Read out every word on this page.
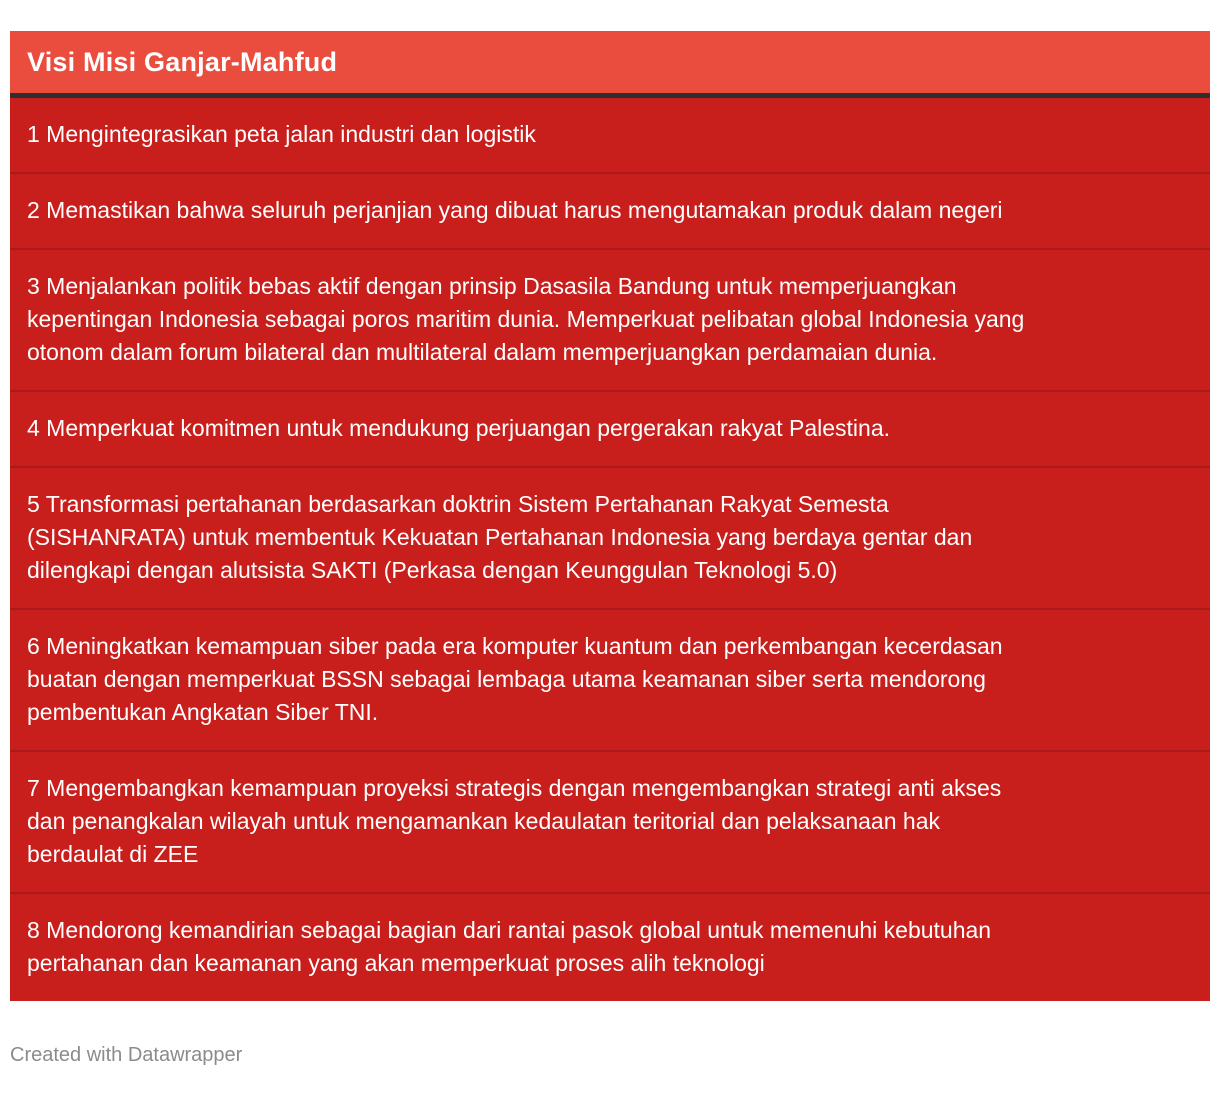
Visi Misi Ganjar-Mahfud
1 Mengintegrasikan peta jalan industri dan logistik
2 Memastikan bahwa seluruh perjanjian yang dibuat harus mengutamakan produk dalam negeri
3 Menjalankan politik bebas aktif dengan prinsip Dasasila Bandung untuk memperjuangkan kepentingan Indonesia sebagai poros maritim dunia. Memperkuat pelibatan global Indonesia yang otonom dalam forum bilateral dan multilateral dalam memperjuangkan perdamaian dunia.
4 Memperkuat komitmen untuk mendukung perjuangan pergerakan rakyat Palestina.
5 Transformasi pertahanan berdasarkan doktrin Sistem Pertahanan Rakyat Semesta (SISHANRATA) untuk membentuk Kekuatan Pertahanan Indonesia yang berdaya gentar dan dilengkapi dengan alutsista SAKTI (Perkasa dengan Keunggulan Teknologi 5.0)
6 Meningkatkan kemampuan siber pada era komputer kuantum dan perkembangan kecerdasan buatan dengan memperkuat BSSN sebagai lembaga utama keamanan siber serta mendorong pembentukan Angkatan Siber TNI.
7 Mengembangkan kemampuan proyeksi strategis dengan mengembangkan strategi anti akses dan penangkalan wilayah untuk mengamankan kedaulatan teritorial dan pelaksanaan hak berdaulat di ZEE
8 Mendorong kemandirian sebagai bagian dari rantai pasok global untuk memenuhi kebutuhan pertahanan dan keamanan yang akan memperkuat proses alih teknologi
Created with Datawrapper
